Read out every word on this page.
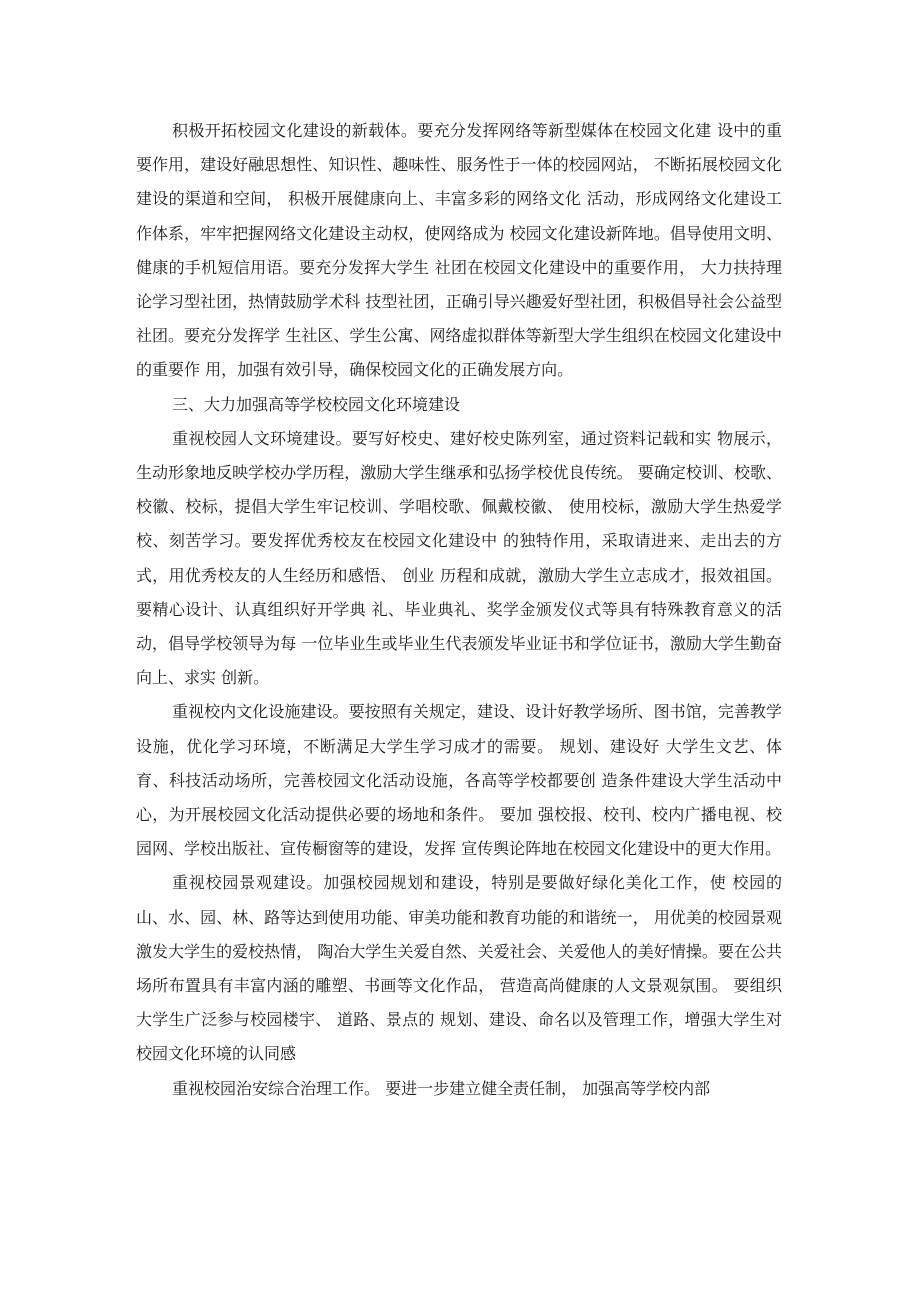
积极开拓校园文化建设的新载体。要充分发挥网络等新型媒体在校园文化建 设中的重要作用，建设好融思想性、知识性、趣味性、服务性于一体的校园网站， 不断拓展校园文化建设的渠道和空间， 积极开展健康向上、丰富多彩的网络文化 活动，形成网络文化建设工作体系，牢牢把握网络文化建设主动权，使网络成为 校园文化建设新阵地。倡导使用文明、健康的手机短信用语。要充分发挥大学生 社团在校园文化建设中的重要作用， 大力扶持理论学习型社团，热情鼓励学术科 技型社团，正确引导兴趣爱好型社团，积极倡导社会公益型社团。要充分发挥学 生社区、学生公寓、网络虚拟群体等新型大学生组织在校园文化建设中的重要作 用，加强有效引导，确保校园文化的正确发展方向。

三、大力加强高等学校校园文化环境建设

重视校园人文环境建设。要写好校史、建好校史陈列室，通过资料记载和实 物展示，生动形象地反映学校办学历程，激励大学生继承和弘扬学校优良传统。 要确定校训、校歌、校徽、校标，提倡大学生牢记校训、学唱校歌、佩戴校徽、 使用校标，激励大学生热爱学校、刻苦学习。要发挥优秀校友在校园文化建设中 的独特作用，采取请进来、走出去的方式，用优秀校友的人生经历和感悟、 创业 历程和成就，激励大学生立志成才，报效祖国。要精心设计、认真组织好开学典 礼、毕业典礼、奖学金颁发仪式等具有特殊教育意义的活动，倡导学校领导为每 一位毕业生或毕业生代表颁发毕业证书和学位证书，激励大学生勤奋向上、求实 创新。

重视校内文化设施建设。要按照有关规定，建设、设计好教学场所、图书馆，完善教学设施，优化学习环境，不断满足大学生学习成才的需要。 规划、建设好 大学生文艺、体育、科技活动场所，完善校园文化活动设施，各高等学校都要创 造条件建设大学生活动中心，为开展校园文化活动提供必要的场地和条件。 要加 强校报、校刊、校内广播电视、校园网、学校出版社、宣传橱窗等的建设，发挥 宣传舆论阵地在校园文化建设中的更大作用。

重视校园景观建设。加强校园规划和建设，特别是要做好绿化美化工作，使 校园的山、水、园、林、路等达到使用功能、审美功能和教育功能的和谐统一， 用优美的校园景观激发大学生的爱校热情， 陶冶大学生关爱自然、关爱社会、关爱他人的美好情操。要在公共场所布置具有丰富内涵的雕塑、书画等文化作品， 营造高尚健康的人文景观氛围。 要组织大学生广泛参与校园楼宇、 道路、景点的 规划、建设、命名以及管理工作，增强大学生对校园文化环境的认同感

重视校园治安综合治理工作。 要进一步建立健全责任制， 加强高等学校内部
